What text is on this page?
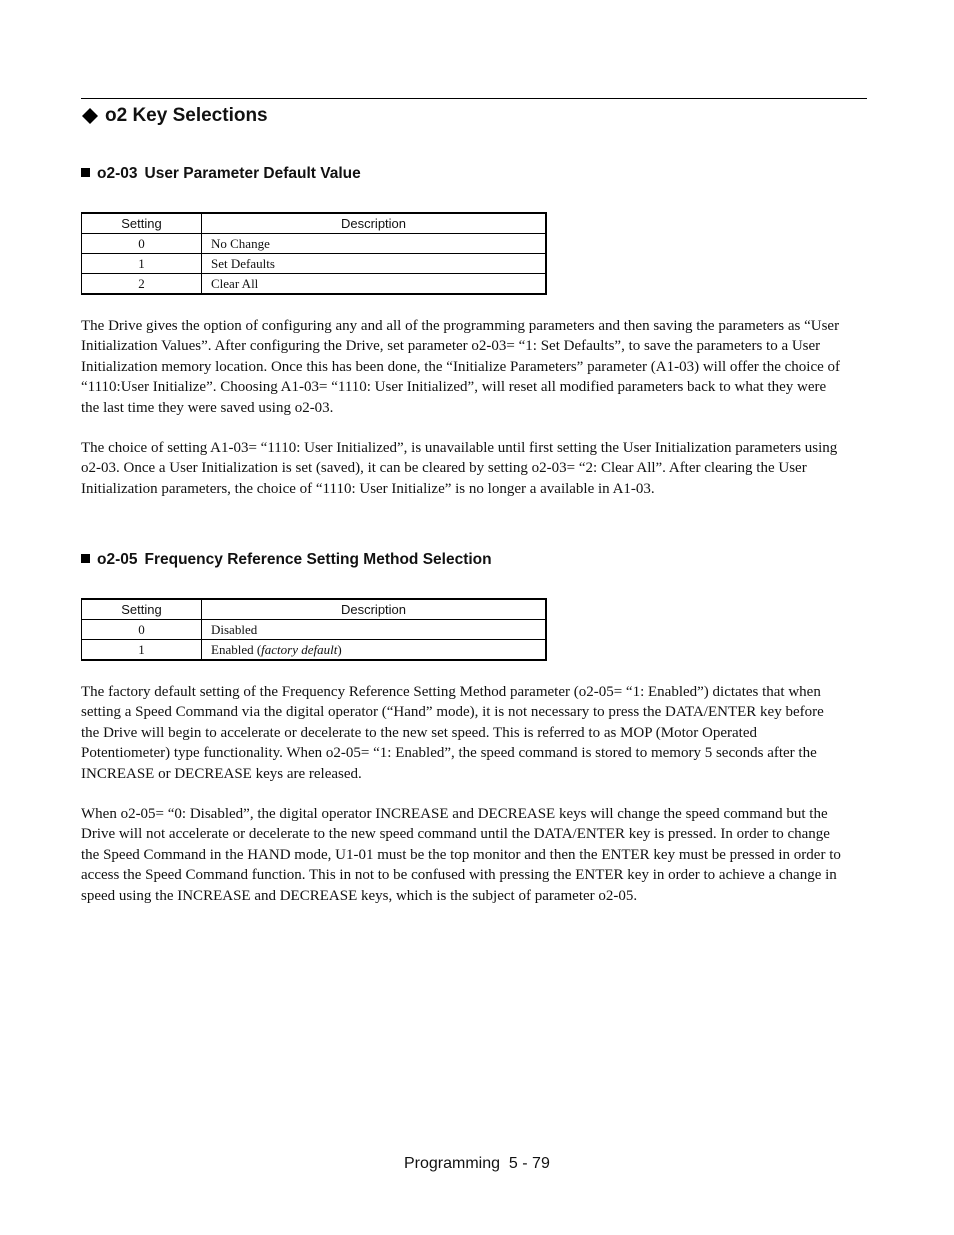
o2 Key Selections
o2-03 User Parameter Default Value
Setting	Description
0	No Change
1	Set Defaults
2	Clear All
The Drive gives the option of configuring any and all of the programming parameters and then saving the parameters as “User
Initialization Values”. After configuring the Drive, set parameter o2-03= “1: Set Defaults”, to save the parameters to a User
Initialization memory location. Once this has been done, the “Initialize Parameters” parameter (A1-03) will offer the choice of
“1110:User Initialize”. Choosing A1-03= “1110: User Initialized”, will reset all modified parameters back to what they were
the last time they were saved using o2-03.
The choice of setting A1-03= “1110: User Initialized”, is unavailable until first setting the User Initialization parameters using
o2-03. Once a User Initialization is set (saved), it can be cleared by setting o2-03= “2: Clear All”. After clearing the User
Initialization parameters, the choice of “1110: User Initialize” is no longer a available in A1-03.
o2-05 Frequency Reference Setting Method Selection
Setting	Description
0	Disabled
1	Enabled (factory default)
The factory default setting of the Frequency Reference Setting Method parameter (o2-05= “1: Enabled”) dictates that when
setting a Speed Command via the digital operator (“Hand” mode), it is not necessary to press the DATA/ENTER key before
the Drive will begin to accelerate or decelerate to the new set speed. This is referred to as MOP (Motor Operated
Potentiometer) type functionality. When o2-05= “1: Enabled”, the speed command is stored to memory 5 seconds after the
INCREASE or DECREASE keys are released.
When o2-05= “0: Disabled”, the digital operator INCREASE and DECREASE keys will change the speed command but the
Drive will not accelerate or decelerate to the new speed command until the DATA/ENTER key is pressed. In order to change
the Speed Command in the HAND mode, U1-01 must be the top monitor and then the ENTER key must be pressed in order to
access the Speed Command function. This in not to be confused with pressing the ENTER key in order to achieve a change in
speed using the INCREASE and DECREASE keys, which is the subject of parameter o2-05.
Programming 5 - 79
